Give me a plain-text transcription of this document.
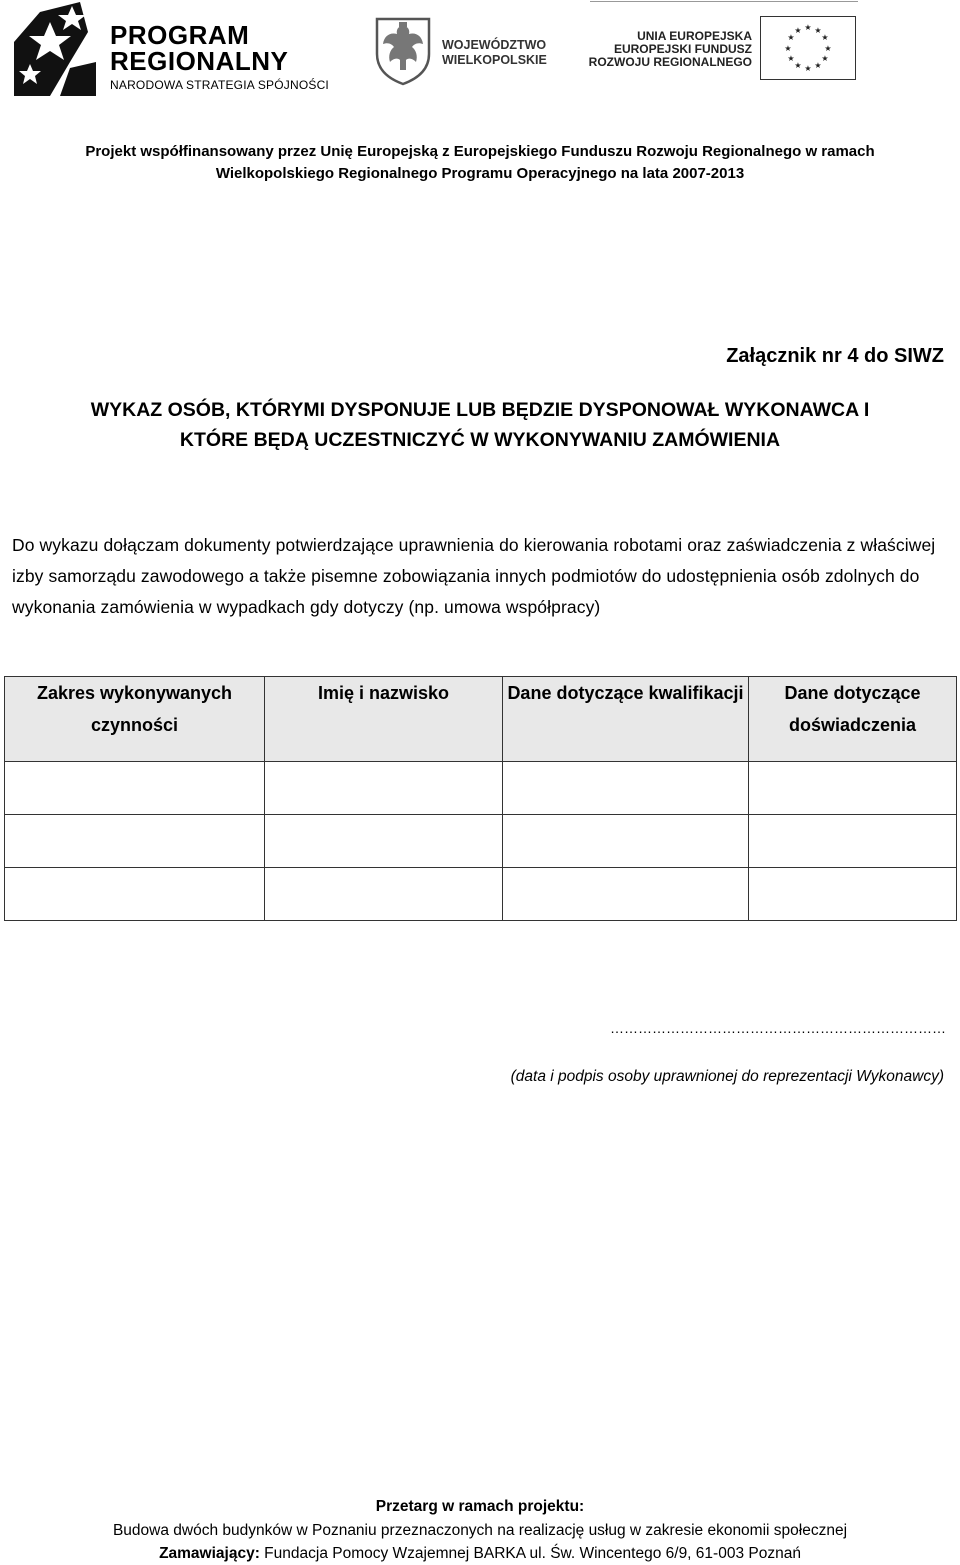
PROGRAM
REGIONALNY
NARODOWA STRATEGIA SPÓJNOŚCI
WOJEWÓDZTWO
WIELKOPOLSKIE
UNIA EUROPEJSKA
EUROPEJSKI FUNDUSZ
ROZWOJU REGIONALNEGO
★ ★
★
★
★
★
★
★
★
★
★
★
Projekt współfinansowany przez Unię Europejską z Europejskiego Funduszu Rozwoju Regionalnego w ramach
Wielkopolskiego Regionalnego Programu Operacyjnego na lata 2007-2013
Załącznik nr 4 do SIWZ
WYKAZ OSÓB, KTÓRYMI DYSPONUJE LUB BĘDZIE DYSPONOWAŁ WYKONAWCA I
KTÓRE BĘDĄ UCZESTNICZYĆ W WYKONYWANIU ZAMÓWIENIA
Do wykazu dołączam dokumenty potwierdzające uprawnienia do kierowania robotami oraz zaświadczenia z właściwej izby samorządu zawodowego a także pisemne zobowiązania innych podmiotów do udostępnienia osób zdolnych do wykonania zamówienia w wypadkach gdy dotyczy (np. umowa współpracy)
Zakres wykonywanych czynności	Imię i nazwisko	Dane dotyczące kwalifikacji	Dane dotyczące doświadczenia

………………………………………………………………
(data i podpis osoby uprawnionej do reprezentacji Wykonawcy)
Przetarg w ramach projektu:
Budowa dwóch budynków w Poznaniu przeznaczonych na realizację usług w zakresie ekonomii społecznej
Zamawiający: Fundacja Pomocy Wzajemnej BARKA ul. Św. Wincentego 6/9, 61-003 Poznań
